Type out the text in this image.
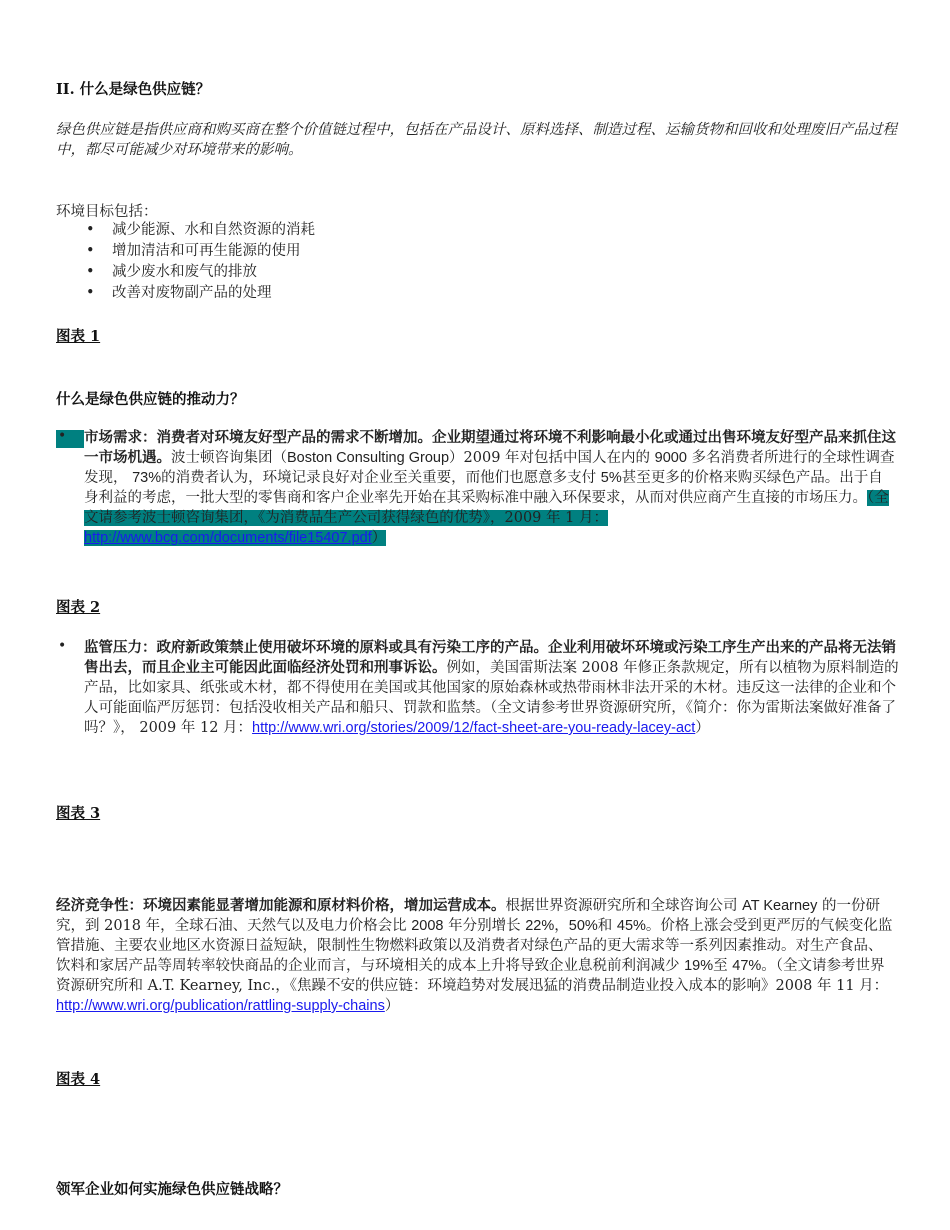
II. 什么是绿色供应链？
绿色供应链是指供应商和购买商在整个价值链过程中，包括在产品设计、原料选择、制造过程、运输货物和回收和处理废旧产品过程中，都尽可能减少对环境带来的影响。
环境目标包括：
• 减少能源、水和自然资源的消耗
• 增加清洁和可再生能源的使用
• 减少废水和废气的排放
• 改善对废物副产品的处理
图表 1
什么是绿色供应链的推动力？
• 市场需求：消费者对环境友好型产品的需求不断增加。企业期望通过将环境不利影响最小化或通过出售环境友好型产品来抓住这一市场机遇。波士顿咨询集团（Boston Consulting Group）2009 年对包括中国人在内的 9000 多名消费者所进行的全球性调查发现， 73%的消费者认为，环境记录良好对企业至关重要，而他们也愿意多支付 5%甚至更多的价格来购买绿色产品。出于自身利益的考虑，一批大型的零售商和客户企业率先开始在其采购标准中融入环保要求，从而对供应商产生直接的市场压力。（全文请参考波士顿咨询集团，《为消费品生产公司获得绿色的优势》，2009 年 1 月：http://www.bcg.com/documents/file15407.pdf）
图表 2
• 监管压力：政府新政策禁止使用破坏环境的原料或具有污染工序的产品。企业利用破坏环境或污染工序生产出来的产品将无法销售出去，而且企业主可能因此面临经济处罚和刑事诉讼。例如，美国雷斯法案 2008 年修正条款规定，所有以植物为原料制造的产品，比如家具、纸张或木材，都不得使用在美国或其他国家的原始森林或热带雨林非法开采的木材。违反这一法律的企业和个人可能面临严厉惩罚：包括没收相关产品和船只、罚款和监禁。（全文请参考世界资源研究所，《简介：你为雷斯法案做好准备了吗？》， 2009 年 12 月：http://www.wri.org/stories/2009/12/fact-sheet-are-you-ready-lacey-act）
图表 3
经济竞争性：环境因素能显著增加能源和原材料价格，增加运营成本。根据世界资源研究所和全球咨询公司 AT Kearney 的一份研究，到 2018 年，全球石油、天然气以及电力价格会比 2008 年分别增长 22%，50%和 45%。价格上涨会受到更严厉的气候变化监管措施、主要农业地区水资源日益短缺，限制性生物燃料政策以及消费者对绿色产品的更大需求等一系列因素推动。对生产食品、饮料和家居产品等周转率较快商品的企业而言，与环境相关的成本上升将导致企业息税前利润减少 19%至 47%。（全文请参考世界资源研究所和 A.T. Kearney, Inc.，《焦躁不安的供应链：环境趋势对发展迅猛的消费品制造业投入成本的影响》2008 年 11 月：http://www.wri.org/publication/rattling-supply-chains）
图表 4
领军企业如何实施绿色供应链战略？
